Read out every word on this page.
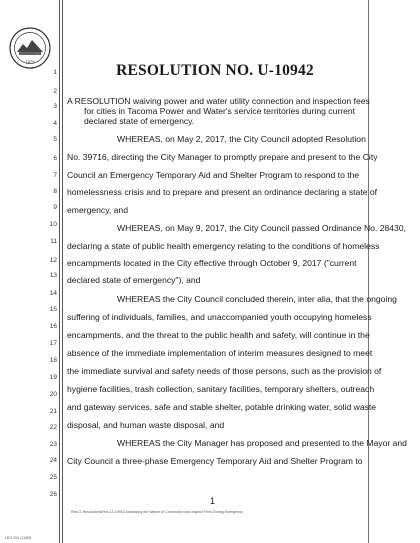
1875
RESOLUTION NO. U-10942
1
2
3
4
5
6
7
8
9
10
11
12
13
14
15
16
17
18
19
20
21
22
23
24
25
26
A RESOLUTION waiving power and water utility connection and inspection fees
for cities in Tacoma Power and Water's service territories during current
declared state of emergency.
WHEREAS, on May 2, 2017, the City Council adopted Resolution
No. 39716, directing the City Manager to promptly prepare and present to the City
Council an Emergency Temporary Aid and Shelter Program to respond to the
homelessness crisis and to prepare and present an ordinance declaring a state of
emergency, and
WHEREAS, on May 9, 2017, the City Council passed Ordinance No. 28430,
declaring a state of public health emergency relating to the conditions of homeless
encampments located in the City effective through October 9, 2017 ("current
declared state of emergency"), and
WHEREAS the City Council concluded therein, inter alia, that the ongoing
suffering of individuals, families, and unaccompanied youth occupying homeless
encampments, and the threat to the public health and safety, will continue in the
absence of the immediate implementation of interim measures designed to meet
the immediate survival and safety needs of those persons, such as the provision of
hygiene facilities, trash collection, sanitary facilities, temporary shelters, outreach
and gateway services, safe and stable shelter, potable drinking water, solid waste
disposal, and human waste disposal, and
WHEREAS the City Manager has proposed and presented to the Mayor and
City Council a three-phase Emergency Temporary Aid and Shelter Program to
1
Res17-Resolutions\Res.11-10942 Advancing the Waiver of Connection and Inspect Fees During Emergency
LEG 004 (11/89)
